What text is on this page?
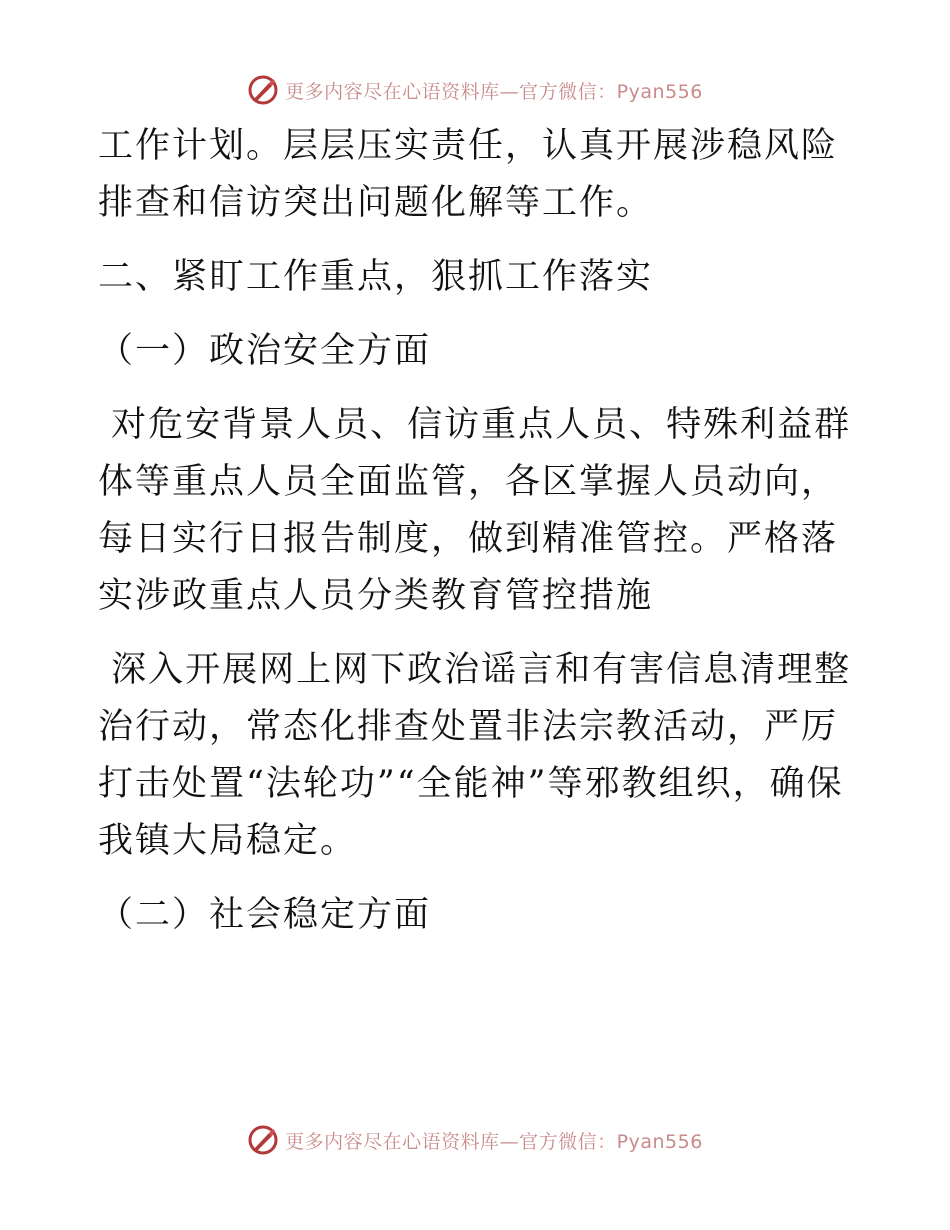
更多内容尽在心语资料库—官方微信：Pyan556

工作计划。层层压实责任，认真开展涉稳风险排查和信访突出问题化解等工作。

二、紧盯工作重点，狠抓工作落实

（一）政治安全方面

对危安背景人员、信访重点人员、特殊利益群体等重点人员全面监管，各区掌握人员动向，每日实行日报告制度，做到精准管控。严格落实涉政重点人员分类教育管控措施

深入开展网上网下政治谣言和有害信息清理整治行动，常态化排查处置非法宗教活动，严厉打击处置“法轮功”“全能神”等邪教组织，确保我镇大局稳定。

（二）社会稳定方面

更多内容尽在心语资料库—官方微信：Pyan556
